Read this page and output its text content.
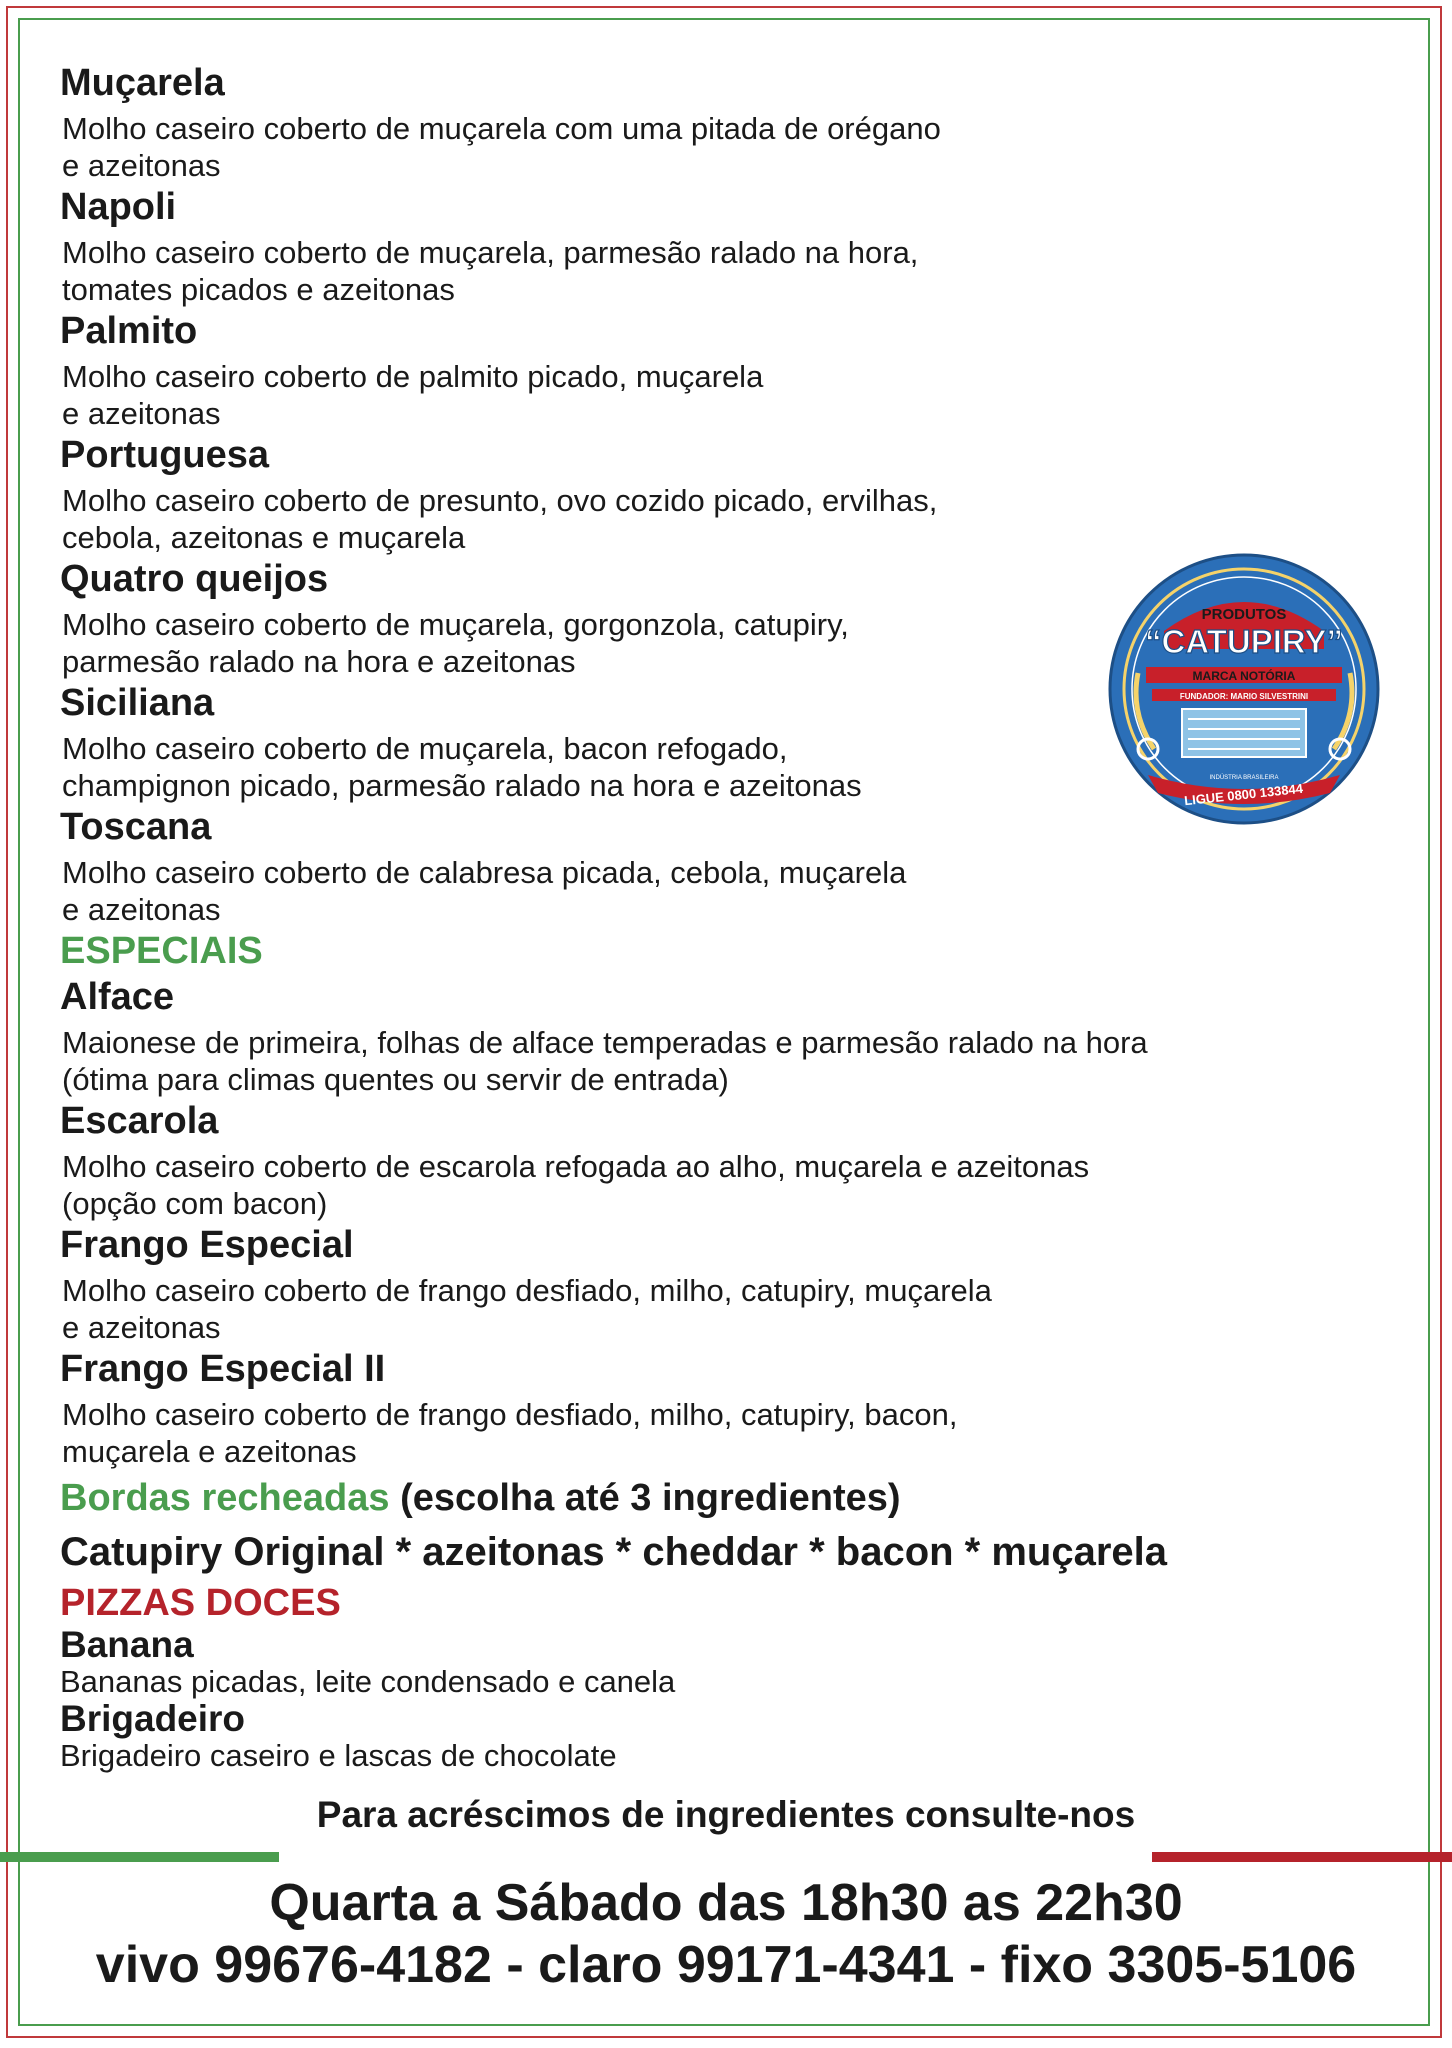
Muçarela
Molho caseiro coberto de muçarela com uma pitada de orégano
e azeitonas
Napoli
Molho caseiro coberto de muçarela, parmesão ralado na hora,
tomates picados e azeitonas
Palmito
Molho caseiro coberto de palmito picado, muçarela
e azeitonas
Portuguesa
Molho caseiro coberto de presunto, ovo cozido picado, ervilhas,
cebola, azeitonas e muçarela
Quatro queijos
Molho caseiro coberto de muçarela, gorgonzola, catupiry,
parmesão ralado na hora e azeitonas
Siciliana
Molho caseiro coberto de muçarela, bacon refogado,
champignon picado, parmesão ralado na hora e azeitonas
Toscana
Molho caseiro coberto de calabresa picada, cebola, muçarela
e azeitonas
ESPECIAIS
Alface
Maionese de primeira, folhas de alface temperadas e parmesão ralado na hora
(ótima para climas quentes ou servir de entrada)
Escarola
Molho caseiro coberto de escarola refogada ao alho, muçarela e azeitonas
(opção com bacon)
Frango Especial
Molho caseiro coberto de frango desfiado, milho, catupiry, muçarela
e azeitonas
Frango Especial II
Molho caseiro coberto de frango desfiado, milho, catupiry, bacon,
muçarela e azeitonas
Bordas recheadas (escolha até 3 ingredientes)
Catupiry Original * azeitonas * cheddar * bacon * muçarela
PIZZAS DOCES
Banana
Bananas picadas, leite condensado e canela
Brigadeiro
Brigadeiro caseiro e lascas de chocolate
PRODUTOS
“CATUPIRY”
MARCA NOTÓRIA
FUNDADOR: MARIO SILVESTRINI
INDÚSTRIA BRASILEIRA
LIGUE 0800 133844
Para acréscimos de ingredientes consulte-nos
Quarta a Sábado das 18h30 as 22h30
vivo 99676-4182 - claro 99171-4341 - fixo 3305-5106
